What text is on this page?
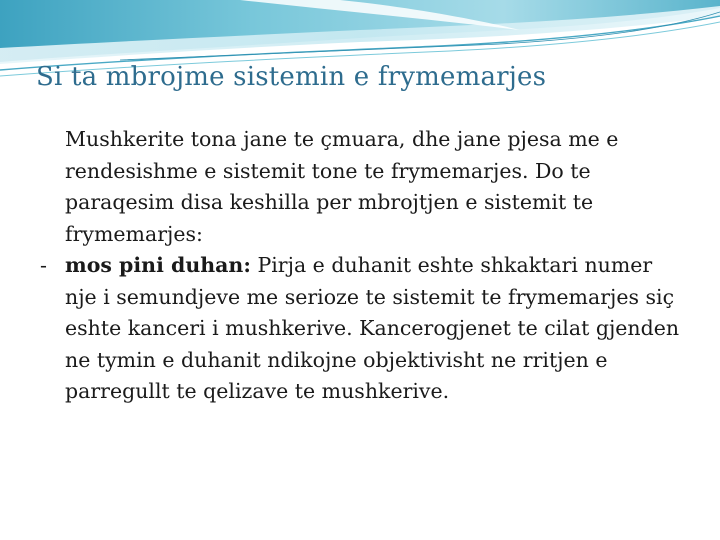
Si ta mbrojme sistemin e frymemarjes

Mushkerite tona jane te çmuara, dhe jane pjesa me e rendesishme e sistemit tone te frymemarjes. Do te paraqesim disa keshilla per mbrojtjen e sistemit te frymemarjes:

- mos pini duhan: Pirja e duhanit eshte shkaktari numer nje i semundjeve me serioze te sistemit te frymemarjes siç eshte kanceri i mushkerive. Kancerogjenet te cilat gjenden ne tymin e duhanit ndikojne objektivisht ne rritjen e parregullt te qelizave te mushkerive.
